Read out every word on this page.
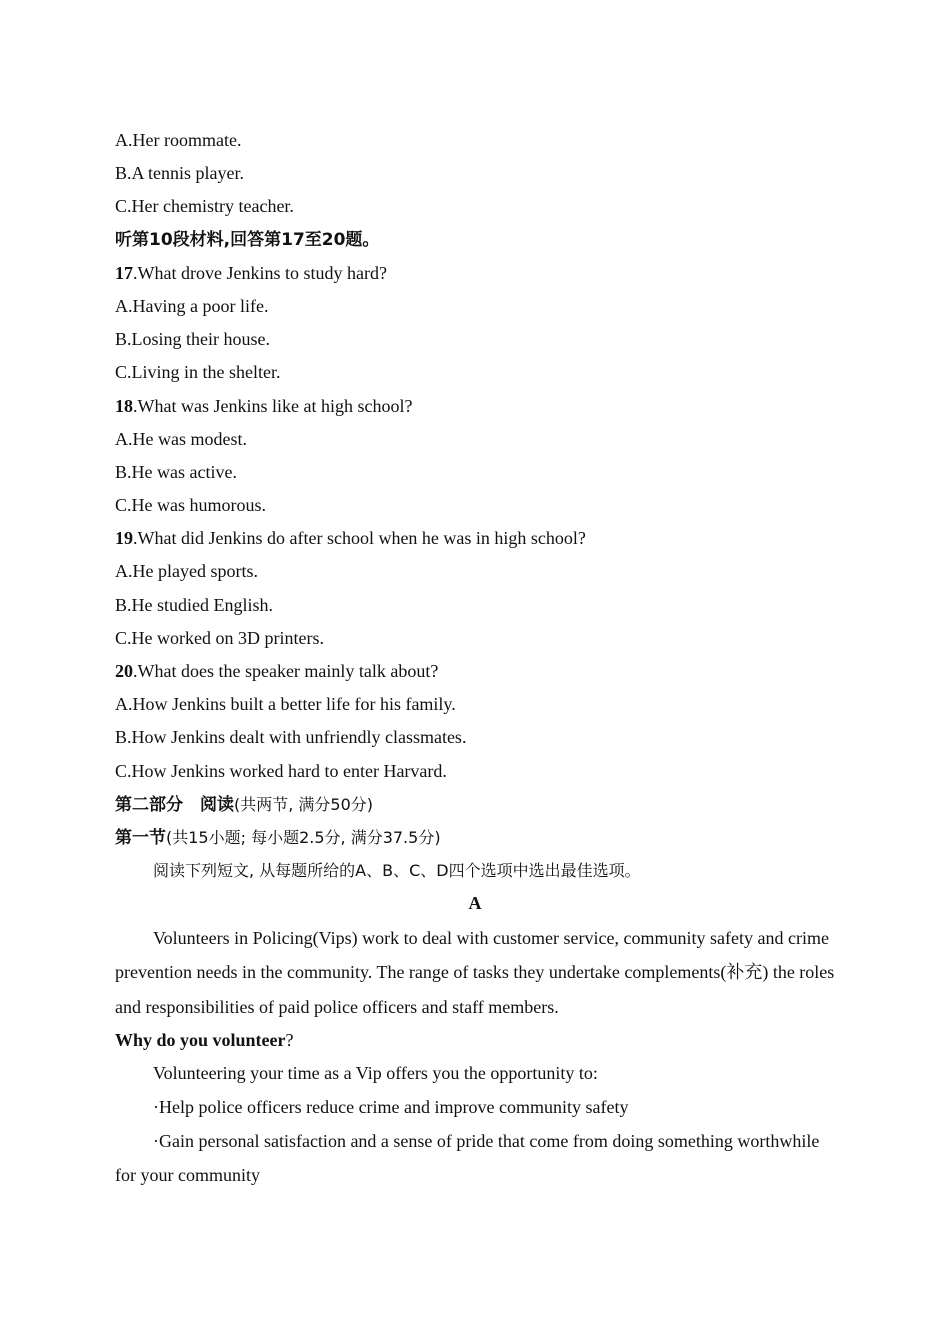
A.Her roommate.
B.A tennis player.
C.Her chemistry teacher.
听第10段材料,回答第17至20题。
17.What drove Jenkins to study hard?
A.Having a poor life.
B.Losing their house.
C.Living in the shelter.
18.What was Jenkins like at high school?
A.He was modest.
B.He was active.
C.He was humorous.
19.What did Jenkins do after school when he was in high school?
A.He played sports.
B.He studied English.
C.He worked on 3D printers.
20.What does the speaker mainly talk about?
A.How Jenkins built a better life for his family.
B.How Jenkins dealt with unfriendly classmates.
C.How Jenkins worked hard to enter Harvard.
第二部分　阅读(共两节, 满分50分)
第一节(共15小题; 每小题2.5分, 满分37.5分)
阅读下列短文, 从每题所给的A、B、C、D四个选项中选出最佳选项。
A

Volunteers in Policing(Vips) work to deal with customer service, community safety and crime prevention needs in the community. The range of tasks they undertake complements(补充) the roles and responsibilities of paid police officers and staff members.

Why do you volunteer?
Volunteering your time as a Vip offers you the opportunity to:
·Help police officers reduce crime and improve community safety

·Gain personal satisfaction and a sense of pride that come from doing something worthwhile for your community
